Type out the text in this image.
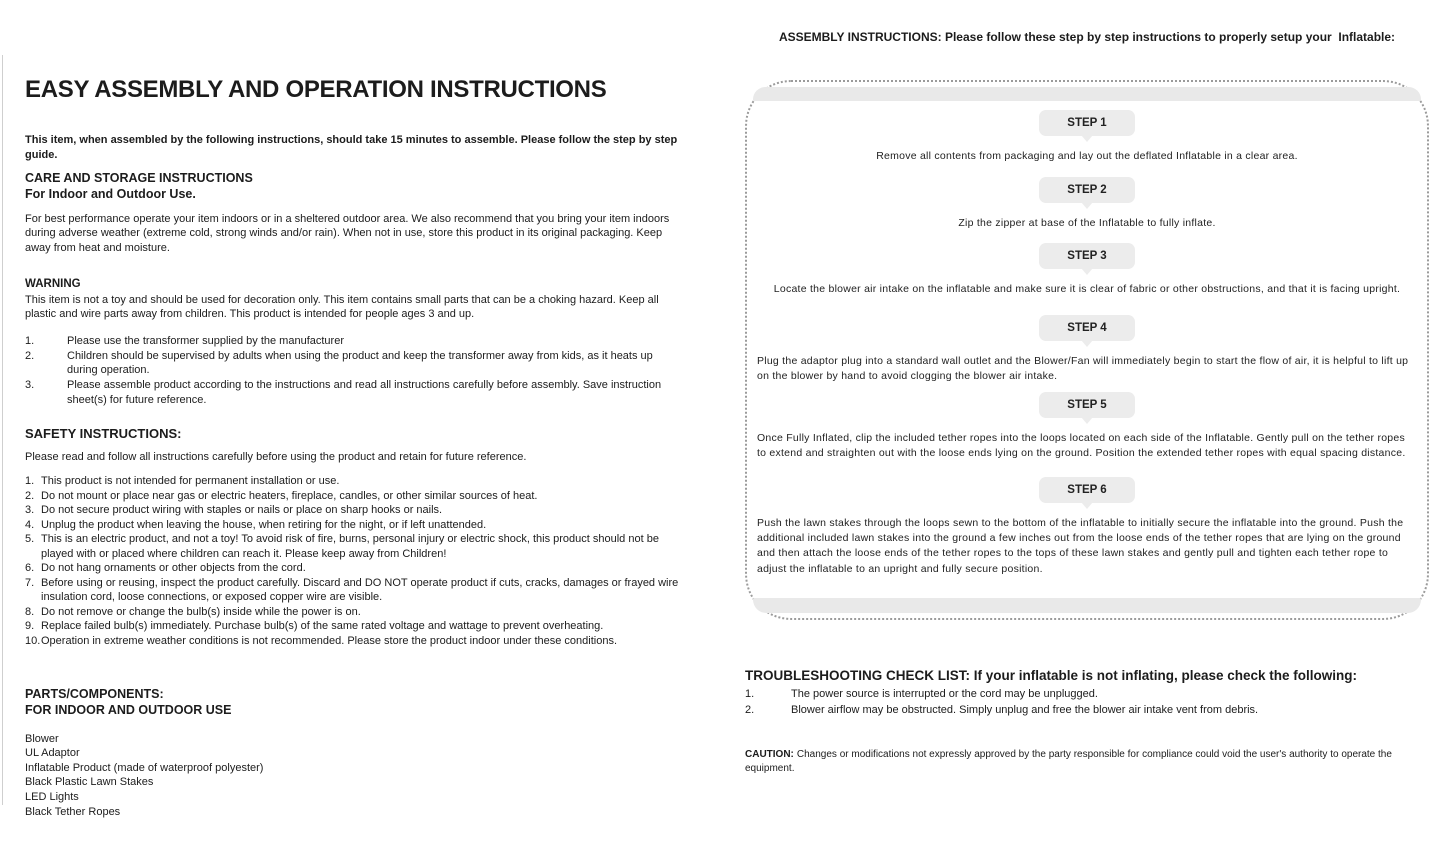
EASY ASSEMBLY AND OPERATION INSTRUCTIONS

This item, when assembled by the following instructions, should take 15 minutes to assemble. Please follow the step by step guide.

CARE AND STORAGE INSTRUCTIONS
For Indoor and Outdoor Use.

For best performance operate your item indoors or in a sheltered outdoor area. We also recommend that you bring your item indoors during adverse weather (extreme cold, strong winds and/or rain). When not in use, store this product in its original packaging. Keep away from heat and moisture.

WARNING

This item is not a toy and should be used for decoration only. This item contains small parts that can be a choking hazard. Keep all plastic and wire parts away from children. This product is intended for people ages 3 and up.

1.	Please use the transformer supplied by the manufacturer
2.	Children should be supervised by adults when using the product and keep the transformer away from kids, as it heats up during operation.
3.	Please assemble product according to the instructions and read all instructions carefully before assembly. Save instruction sheet(s) for future reference.
SAFETY INSTRUCTIONS:

Please read and follow all instructions carefully before using the product and retain for future reference.

1. This product is not intended for permanent installation or use.
2. Do not mount or place near gas or electric heaters, fireplace, candles, or other similar sources of heat.
3. Do not secure product wiring with staples or nails or place on sharp hooks or nails.
4. Unplug the product when leaving the house, when retiring for the night, or if left unattended.
5. This is an electric product, and not a toy! To avoid risk of fire, burns, personal injury or electric shock, this product should not be played with or placed where children can reach it. Please keep away from Children!
6. Do not hang ornaments or other objects from the cord.
7. Before using or reusing, inspect the product carefully. Discard and DO NOT operate product if cuts, cracks, damages or frayed wire insulation cord, loose connections, or exposed copper wire are visible.
8. Do not remove or change the bulb(s) inside while the power is on.
9. Replace failed bulb(s) immediately. Purchase bulb(s) of the same rated voltage and wattage to prevent overheating.
10. Operation in extreme weather conditions is not recommended. Please store the product indoor under these conditions.
PARTS/COMPONENTS:
FOR INDOOR AND OUTDOOR USE
Blower
UL Adaptor
Inflatable Product (made of waterproof polyester)
Black Plastic Lawn Stakes
LED Lights
Black Tether Ropes
ASSEMBLY INSTRUCTIONS: Please follow these step by step instructions to properly setup your  Inflatable:
STEP 1
Remove all contents from packaging and lay out the deflated Inflatable in a clear area.
STEP 2
Zip the zipper at base of the Inflatable to fully inflate.
STEP 3
Locate the blower air intake on the inflatable and make sure it is clear of fabric or other obstructions, and that it is facing upright.
STEP 4
Plug the adaptor plug into a standard wall outlet and the Blower/Fan will immediately begin to start the flow of air, it is helpful to lift up on the blower by hand to avoid clogging the blower air intake.
STEP 5
Once Fully Inflated, clip the included tether ropes into the loops located on each side of the Inflatable. Gently pull on the tether ropes to extend and straighten out with the loose ends lying on the ground. Position the extended tether ropes with equal spacing distance.
STEP 6
Push the lawn stakes through the loops sewn to the bottom of the inflatable to initially secure the inflatable into the ground. Push the additional included lawn stakes into the ground a few inches out from the loose ends of the tether ropes that are lying on the ground and then attach the loose ends of the tether ropes to the tops of these lawn stakes and gently pull and tighten each tether rope to adjust the inflatable to an upright and fully secure position.
TROUBLESHOOTING CHECK LIST: If your inflatable is not inflating, please check the following:
1.	The power source is interrupted or the cord may be unplugged.
2.	Blower airflow may be obstructed. Simply unplug and free the blower air intake vent from debris.

CAUTION: Changes or modifications not expressly approved by the party responsible for compliance could void the user's authority to operate the equipment.
